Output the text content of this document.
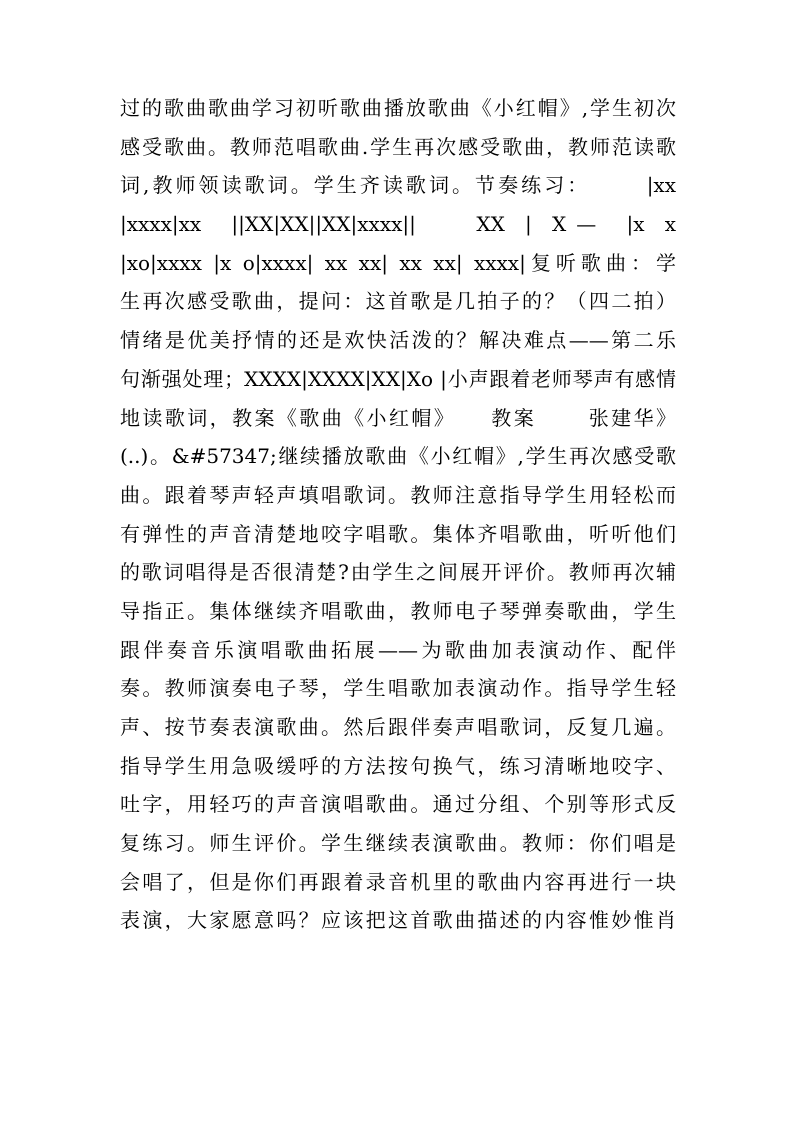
过的歌曲歌曲学习初听歌曲播放歌曲《小红帽》,学生初次
感受歌曲。教师范唱歌曲.学生再次感受歌曲，教师范读歌
词,教师领读歌词。学生齐读歌词。节奏练习：      |xx
|xxxx|xx   ||XX|XX||XX|xxxx||      XX  |  X —   |x  x
|xo|xxxx |x o|xxxx| xx xx| xx xx| xxxx|复听歌曲：学
生再次感受歌曲，提问：这首歌是几拍子的？（四二拍）
情绪是优美抒情的还是欢快活泼的？解决难点——第二乐
句渐强处理；XXXX|XXXX|XX|Xo |小声跟着老师琴声有感情
地读歌词，教案《歌曲《小红帽》    教案      张建华》
(..)。&#57347;继续播放歌曲《小红帽》,学生再次感受歌
曲。跟着琴声轻声填唱歌词。教师注意指导学生用轻松而
有弹性的声音清楚地咬字唱歌。集体齐唱歌曲，听听他们
的歌词唱得是否很清楚?由学生之间展开评价。教师再次辅
导指正。集体继续齐唱歌曲，教师电子琴弹奏歌曲，学生
跟伴奏音乐演唱歌曲拓展——为歌曲加表演动作、配伴
奏。教师演奏电子琴，学生唱歌加表演动作。指导学生轻
声、按节奏表演歌曲。然后跟伴奏声唱歌词，反复几遍。
指导学生用急吸缓呼的方法按句换气，练习清晰地咬字、
吐字，用轻巧的声音演唱歌曲。通过分组、个别等形式反
复练习。师生评价。学生继续表演歌曲。教师：你们唱是
会唱了，但是你们再跟着录音机里的歌曲内容再进行一块
表演，大家愿意吗？应该把这首歌曲描述的内容惟妙惟肖
